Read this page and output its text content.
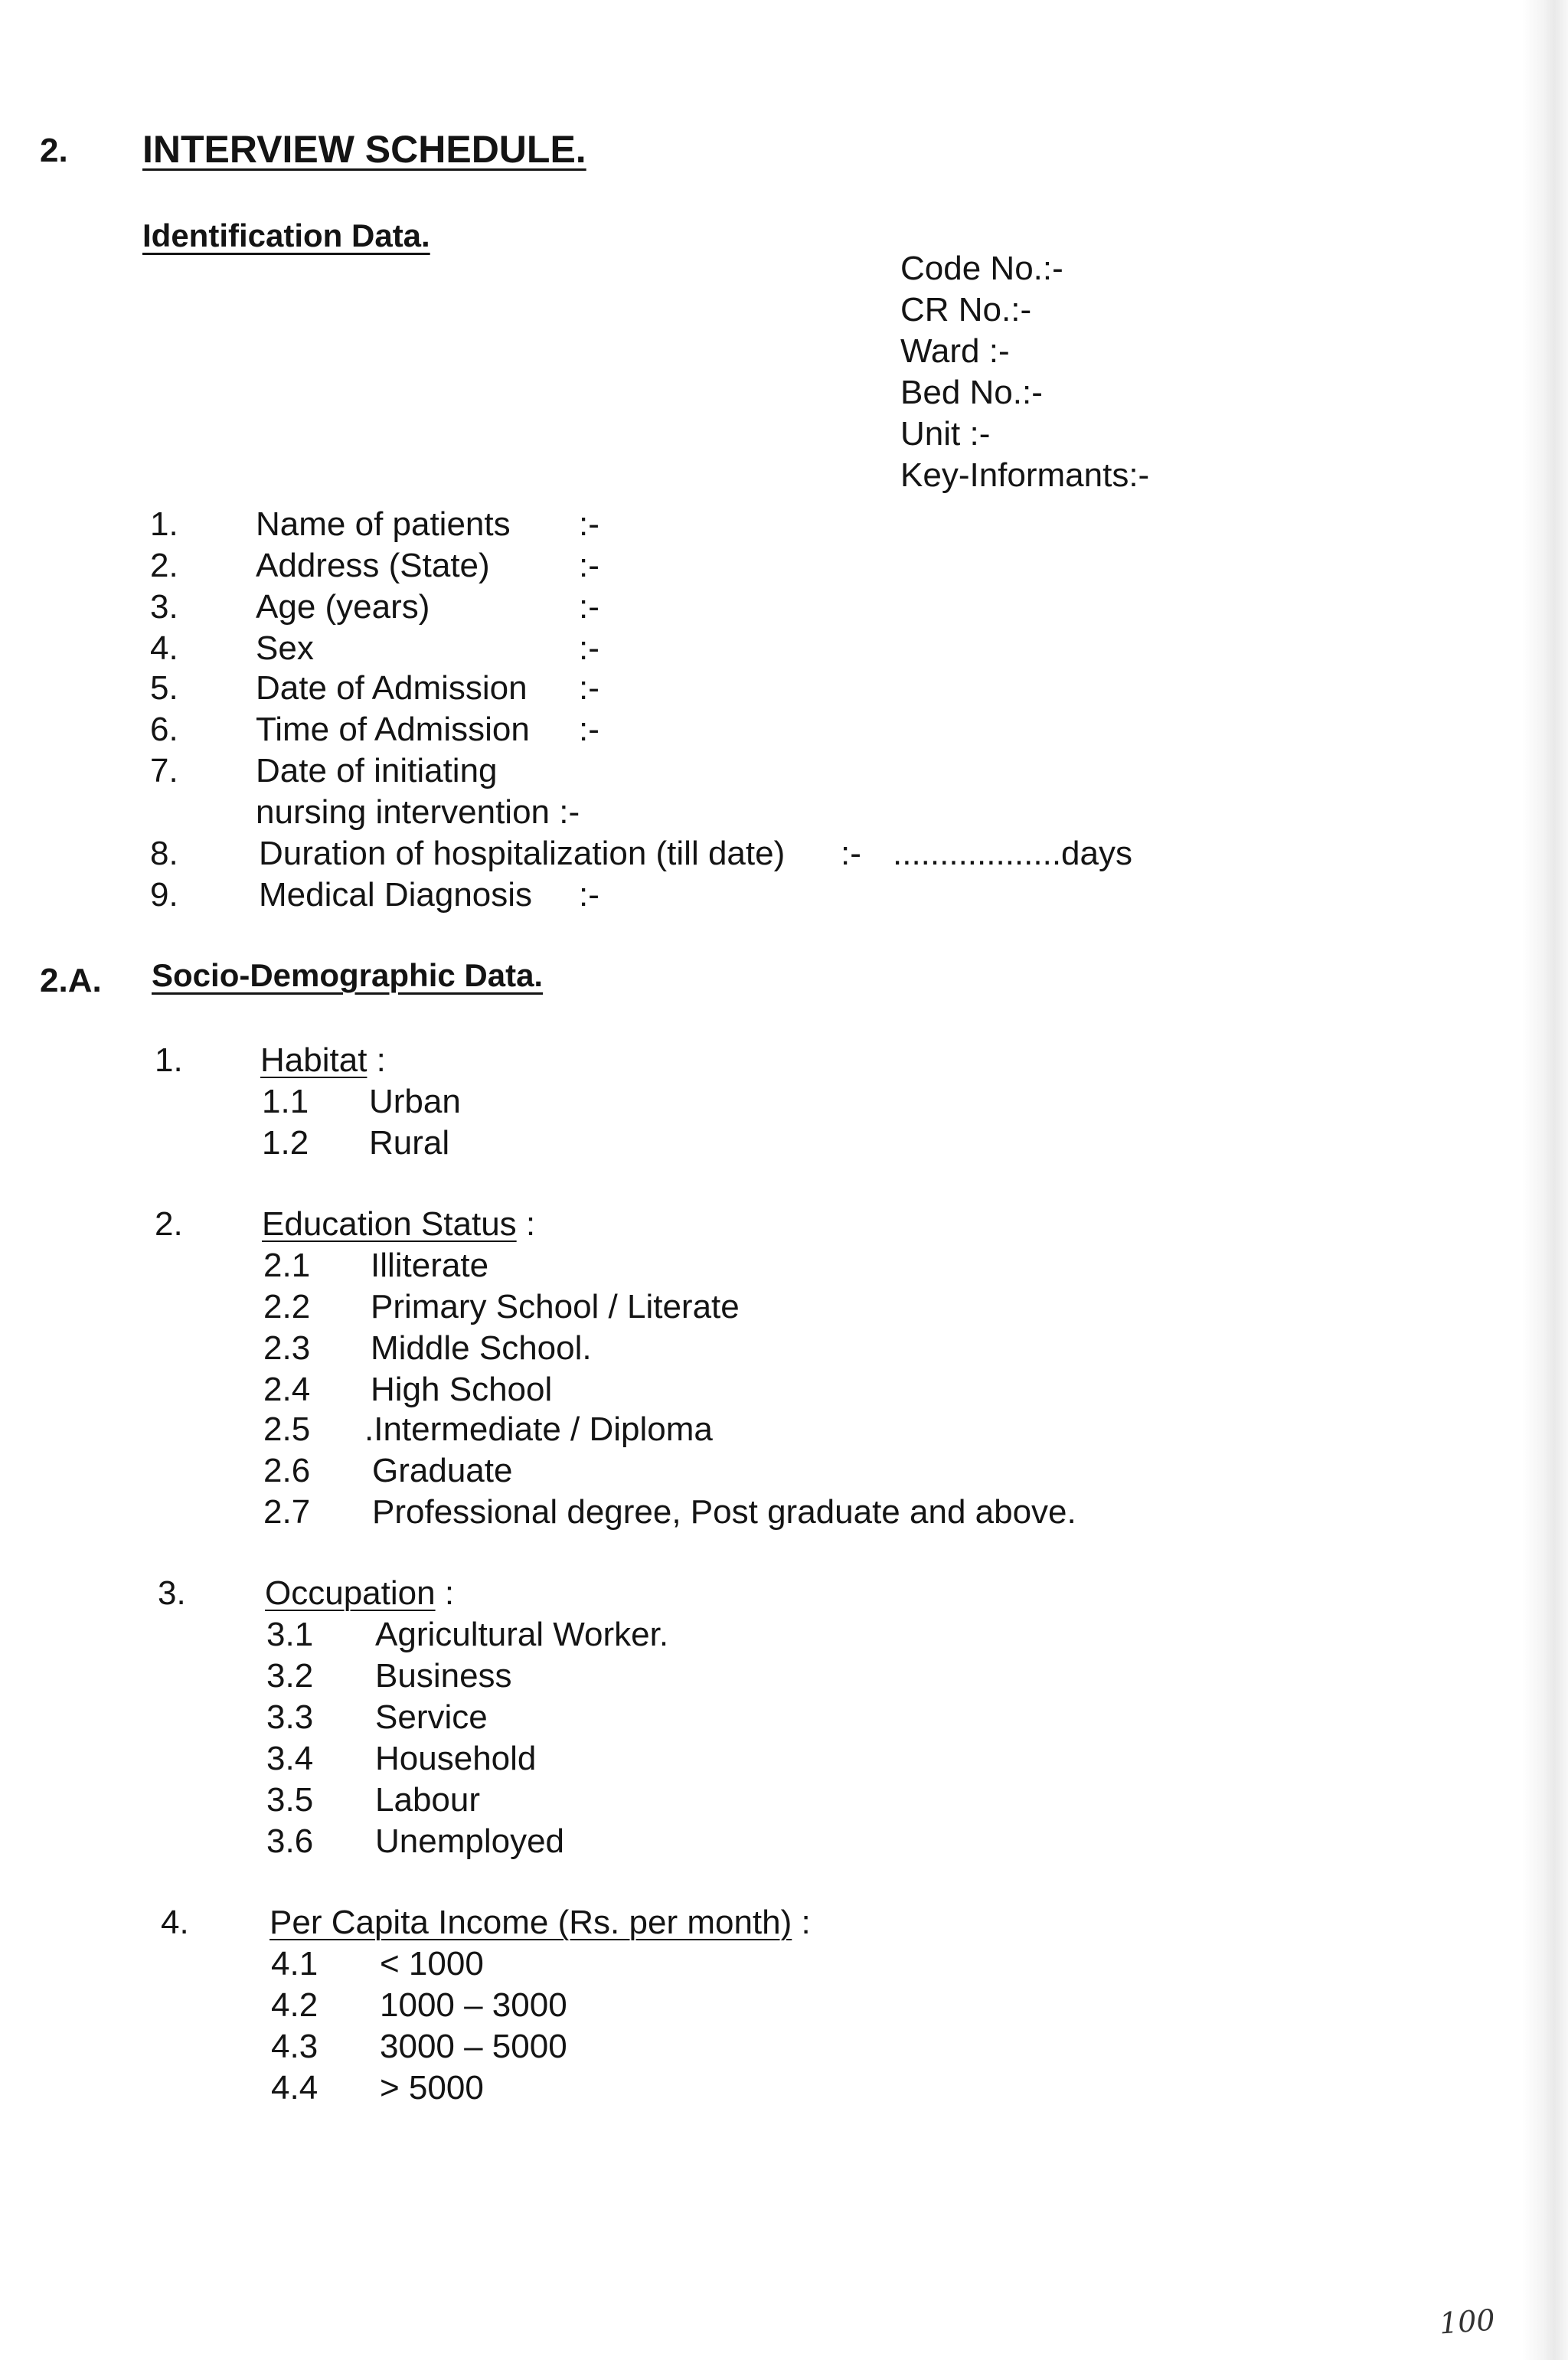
2. INTERVIEW SCHEDULE.
Identification Data.
Code No.:-
CR No.:-
Ward :-
Bed No.:-
Unit :-
Key-Informants:-
1. Name of patients :-
2. Address (State)	:-
3. Age (years)	:-
4. Sex	:-
5. Date of Admission :-
6. Time of Admission :-
7. Date of initiating
nursing intervention :-
8. Duration of hospitalization (till date) :- ..................days
9. Medical Diagnosis :-
2.A. Socio-Demographic Data.
1. Habitat :
1.1 Urban
1.2 Rural
2. Education Status :
2.1 Illiterate
2.2 Primary School / Literate
2.3 Middle School.
2.4 High School
2.5 .Intermediate / Diploma
2.6 Graduate
2.7 Professional degree, Post graduate and above.
3. Occupation :
3.1 Agricultural Worker.
3.2 Business
3.3 Service
3.4 Household
3.5 Labour
3.6 Unemployed
4. Per Capita Income (Rs. per month) :
4.1 < 1000
4.2 1000 – 3000
4.3 3000 – 5000
4.4 > 5000
100
